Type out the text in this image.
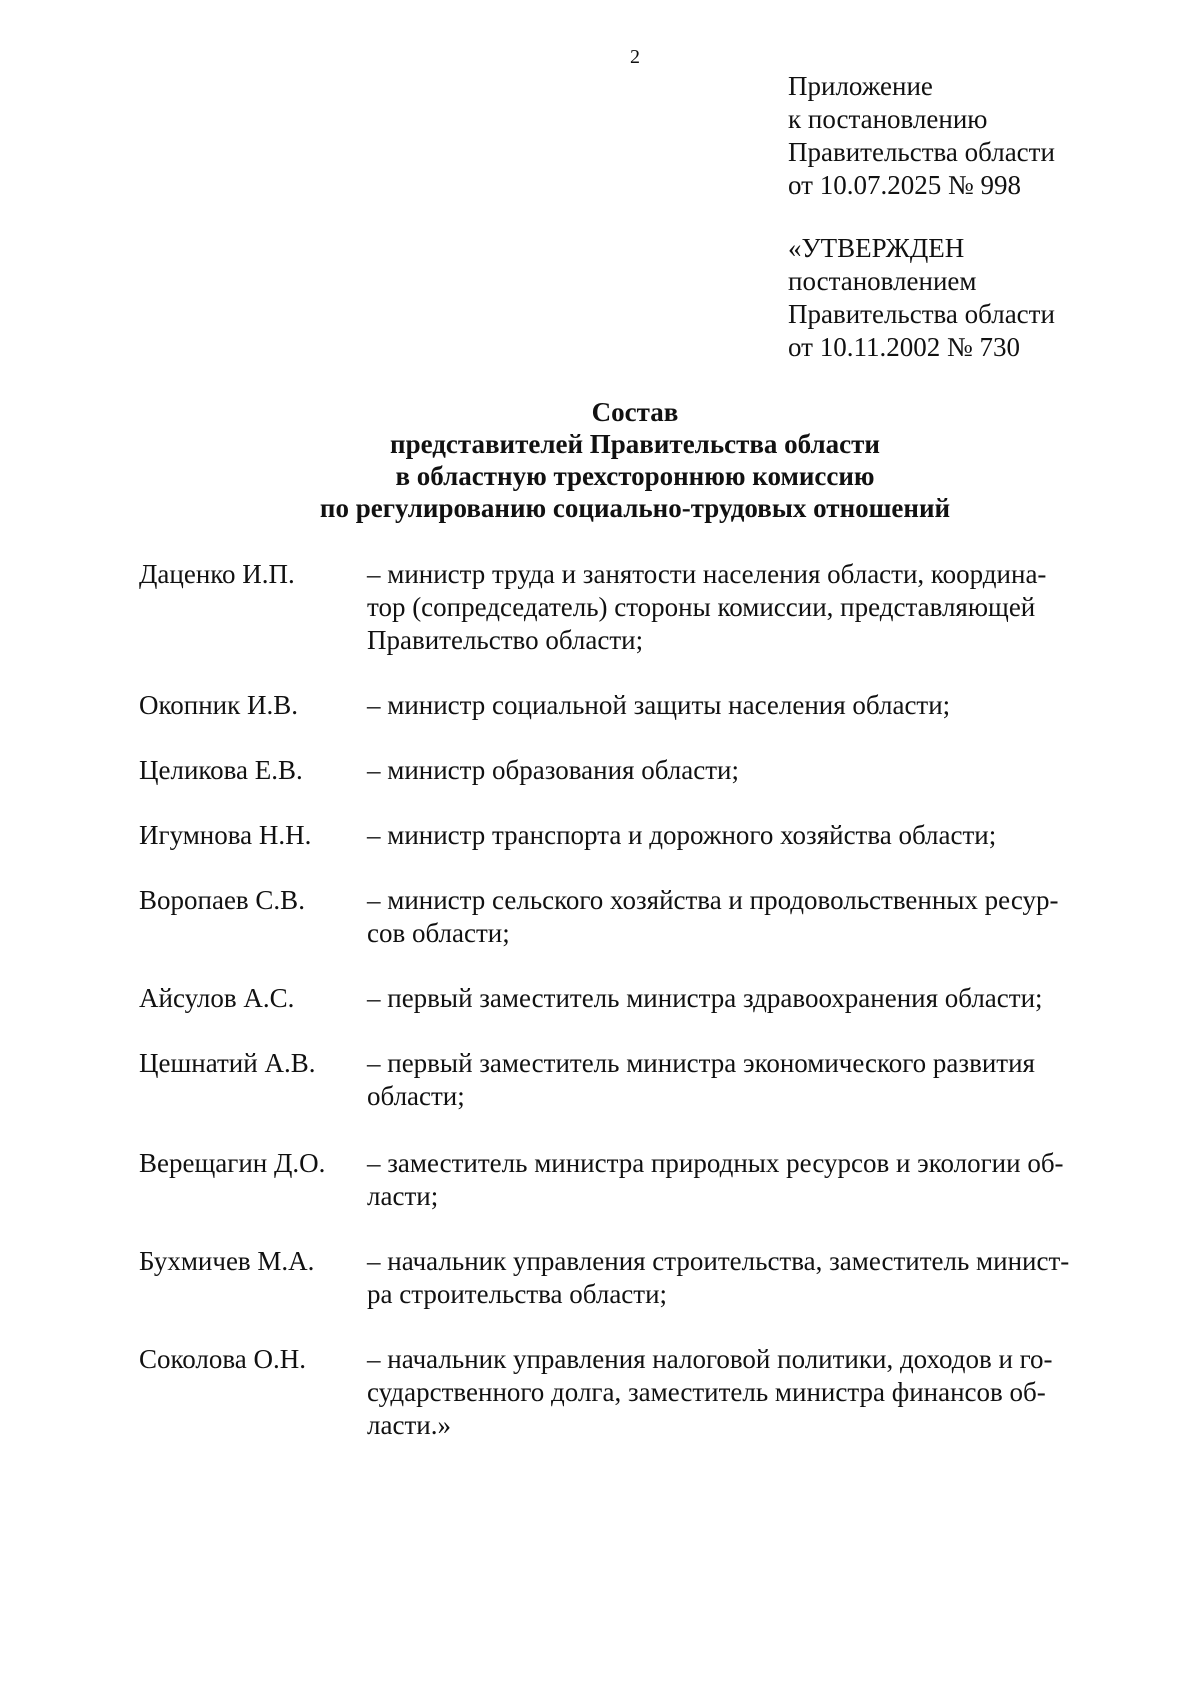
2
Приложение
к постановлению
Правительства области
от 10.07.2025 № 998
«УТВЕРЖДЕН
постановлением
Правительства области
от 10.11.2002 № 730
Состав
представителей Правительства области
в областную трехстороннюю комиссию
по регулированию социально-трудовых отношений
Даценко И.П.	– министр труда и занятости населения области, координа-
тор (сопредседатель) стороны комиссии, представляющей
Правительство области;
Окопник И.В.	– министр социальной защиты населения области;
Целикова Е.В.	– министр образования области;
Игумнова Н.Н.	– министр транспорта и дорожного хозяйства области;
Воропаев С.В.	– министр сельского хозяйства и продовольственных ресур-
сов области;
Айсулов А.С.	– первый заместитель министра здравоохранения области;
Цешнатий А.В.	– первый заместитель министра экономического развития
области;
Верещагин Д.О.	– заместитель министра природных ресурсов и экологии об-
ласти;
Бухмичев М.А.	– начальник управления строительства, заместитель минист-
ра строительства области;
Соколова О.Н.	– начальник управления налоговой политики, доходов и го-
сударственного долга, заместитель министра финансов об-
ласти.»
